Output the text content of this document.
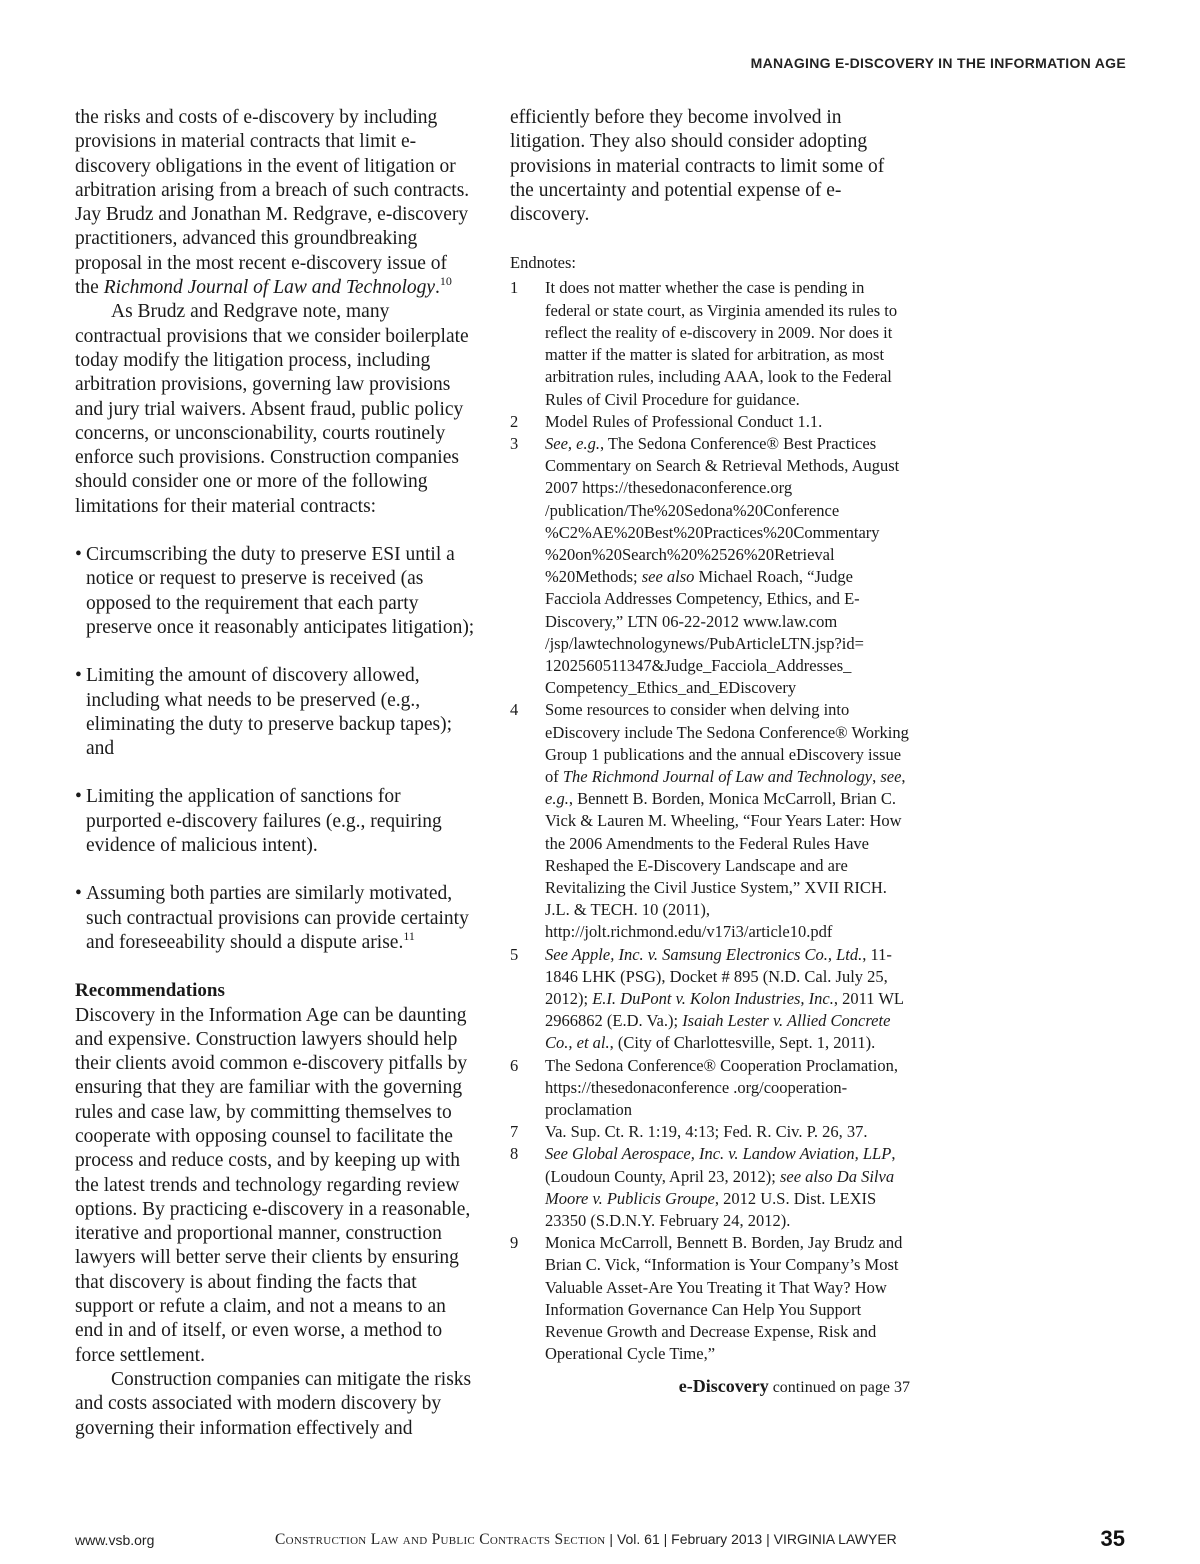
MANAGING E-DISCOVERY IN THE INFORMATION AGE

the risks and costs of e-discovery by including provisions in material contracts that limit e-discovery obligations in the event of litigation or arbitration arising from a breach of such contracts. Jay Brudz and Jonathan M. Redgrave, e-discovery practitioners, advanced this groundbreaking proposal in the most recent e-discovery issue of the Richmond Journal of Law and Technology.$^{10}$

As Brudz and Redgrave note, many contractual provisions that we consider boilerplate today modify the litigation process, including arbitration provisions, governing law provisions and jury trial waivers. Absent fraud, public policy concerns, or unconscionability, courts routinely enforce such provisions. Construction companies should consider one or more of the following limitations for their material contracts:

• Circumscribing the duty to preserve ESI until a notice or request to preserve is received (as opposed to the requirement that each party preserve once it reasonably anticipates litigation);
• Limiting the amount of discovery allowed, including what needs to be preserved (e.g., eliminating the duty to preserve backup tapes); and
• Limiting the application of sanctions for purported e-discovery failures (e.g., requiring evidence of malicious intent).
• Assuming both parties are similarly motivated, such contractual provisions can provide certainty and foreseeability should a dispute arise.$^{11}$
Recommendations

Discovery in the Information Age can be daunting and expensive. Construction lawyers should help their clients avoid common e-discovery pitfalls by ensuring that they are familiar with the governing rules and case law, by committing themselves to cooperate with opposing counsel to facilitate the process and reduce costs, and by keeping up with the latest trends and technology regarding review options. By practicing e-discovery in a reasonable, iterative and proportional manner, construction lawyers will better serve their clients by ensuring that discovery is about finding the facts that support or refute a claim, and not a means to an end in and of itself, or even worse, a method to force settlement.

Construction companies can mitigate the risks and costs associated with modern discovery by governing their information effectively and

efficiently before they become involved in litigation. They also should consider adopting provisions in material contracts to limit some of the uncertainty and potential expense of e-discovery.

Endnotes:
1	It does not matter whether the case is pending in federal or state court, as Virginia amended its rules to reflect the reality of e-discovery in 2009. Nor does it matter if the matter is slated for arbitration, as most arbitration rules, including AAA, look to the Federal Rules of Civil Procedure for guidance.
2	Model Rules of Professional Conduct 1.1.
3	See, e.g., The Sedona Conference® Best Practices Commentary on Search & Retrieval Methods, August 2007 https://thesedonaconference.org /publication/The%20Sedona%20Conference %C2%AE%20Best%20Practices%20Commentary %20on%20Search%20%2526%20Retrieval %20Methods; see also Michael Roach, “Judge Facciola Addresses Competency, Ethics, and E-Discovery,” LTN 06-22-2012 www.law.com /jsp/lawtechnologynews/PubArticleLTN.jsp?id= 1202560511347&Judge_Facciola_Addresses_ Competency_Ethics_and_EDiscovery
4	Some resources to consider when delving into eDiscovery include The Sedona Conference® Working Group 1 publications and the annual eDiscovery issue of The Richmond Journal of Law and Technology, see, e.g., Bennett B. Borden, Monica McCarroll, Brian C. Vick & Lauren M. Wheeling, “Four Years Later: How the 2006 Amendments to the Federal Rules Have Reshaped the E-Discovery Landscape and are Revitalizing the Civil Justice System,” XVII RICH. J.L. & TECH. 10 (2011), http://jolt.richmond.edu/v17i3/article10.pdf
5	See Apple, Inc. v. Samsung Electronics Co., Ltd., 11-1846 LHK (PSG), Docket # 895 (N.D. Cal. July 25, 2012); E.I. DuPont v. Kolon Industries, Inc., 2011 WL 2966862 (E.D. Va.); Isaiah Lester v. Allied Concrete Co., et al., (City of Charlottesville, Sept. 1, 2011).
6	The Sedona Conference® Cooperation Proclamation, https://thesedonaconference .org/cooperation-proclamation
7	Va. Sup. Ct. R. 1:19, 4:13; Fed. R. Civ. P. 26, 37.
8	See Global Aerospace, Inc. v. Landow Aviation, LLP, (Loudoun County, April 23, 2012); see also Da Silva Moore v. Publicis Groupe, 2012 U.S. Dist. LEXIS 23350 (S.D.N.Y. February 24, 2012).
9	Monica McCarroll, Bennett B. Borden, Jay Brudz and Brian C. Vick, “Information is Your Company’s Most Valuable Asset-Are You Treating it That Way? How Information Governance Can Help You Support Revenue Growth and Decrease Expense, Risk and Operational Cycle Time,”
e-Discovery continued on page 37
www.vsb.org	Construction Law and Public Contracts Section | Vol. 61 | February 2013 | VIRGINIA LAWYER	35
